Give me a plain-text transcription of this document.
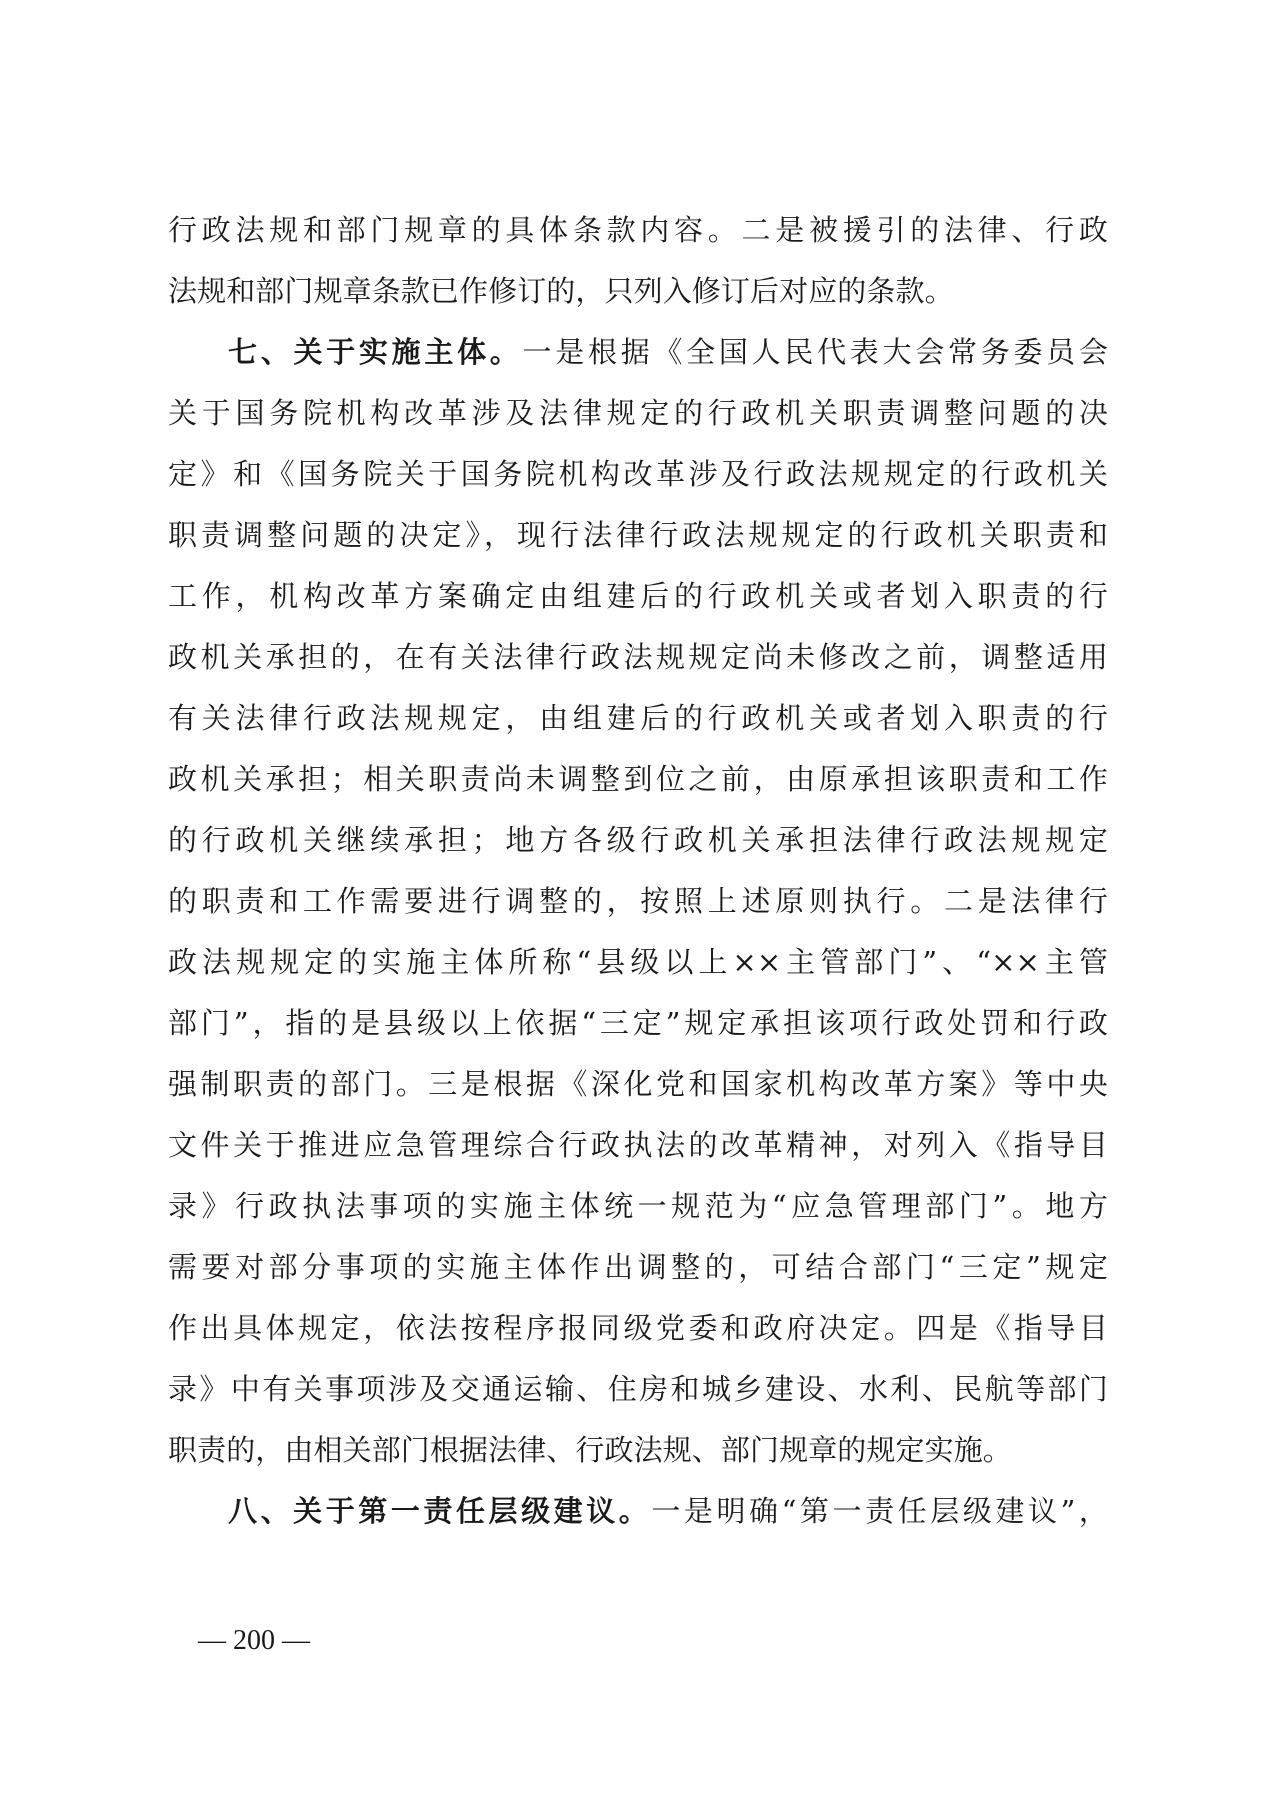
行政法规和部门规章的具体条款内容。二是被援引的法律、行政
法规和部门规章条款已作修订的，只列入修订后对应的条款。
七、关于实施主体。一是根据《全国人民代表大会常务委员会
关于国务院机构改革涉及法律规定的行政机关职责调整问题的决
定》和《国务院关于国务院机构改革涉及行政法规规定的行政机关
职责调整问题的决定》，现行法律行政法规规定的行政机关职责和
工作，机构改革方案确定由组建后的行政机关或者划入职责的行
政机关承担的，在有关法律行政法规规定尚未修改之前，调整适用
有关法律行政法规规定，由组建后的行政机关或者划入职责的行
政机关承担；相关职责尚未调整到位之前，由原承担该职责和工作
的行政机关继续承担；地方各级行政机关承担法律行政法规规定
的职责和工作需要进行调整的，按照上述原则执行。二是法律行
政法规规定的实施主体所称“县级以上××主管部门”、“××主管
部门”，指的是县级以上依据“三定”规定承担该项行政处罚和行政
强制职责的部门。三是根据《深化党和国家机构改革方案》等中央
文件关于推进应急管理综合行政执法的改革精神，对列入《指导目
录》行政执法事项的实施主体统一规范为“应急管理部门”。地方
需要对部分事项的实施主体作出调整的，可结合部门“三定”规定
作出具体规定，依法按程序报同级党委和政府决定。四是《指导目
录》中有关事项涉及交通运输、住房和城乡建设、水利、民航等部门
职责的，由相关部门根据法律、行政法规、部门规章的规定实施。
八、关于第一责任层级建议。一是明确“第一责任层级建议”，
— 200 —
